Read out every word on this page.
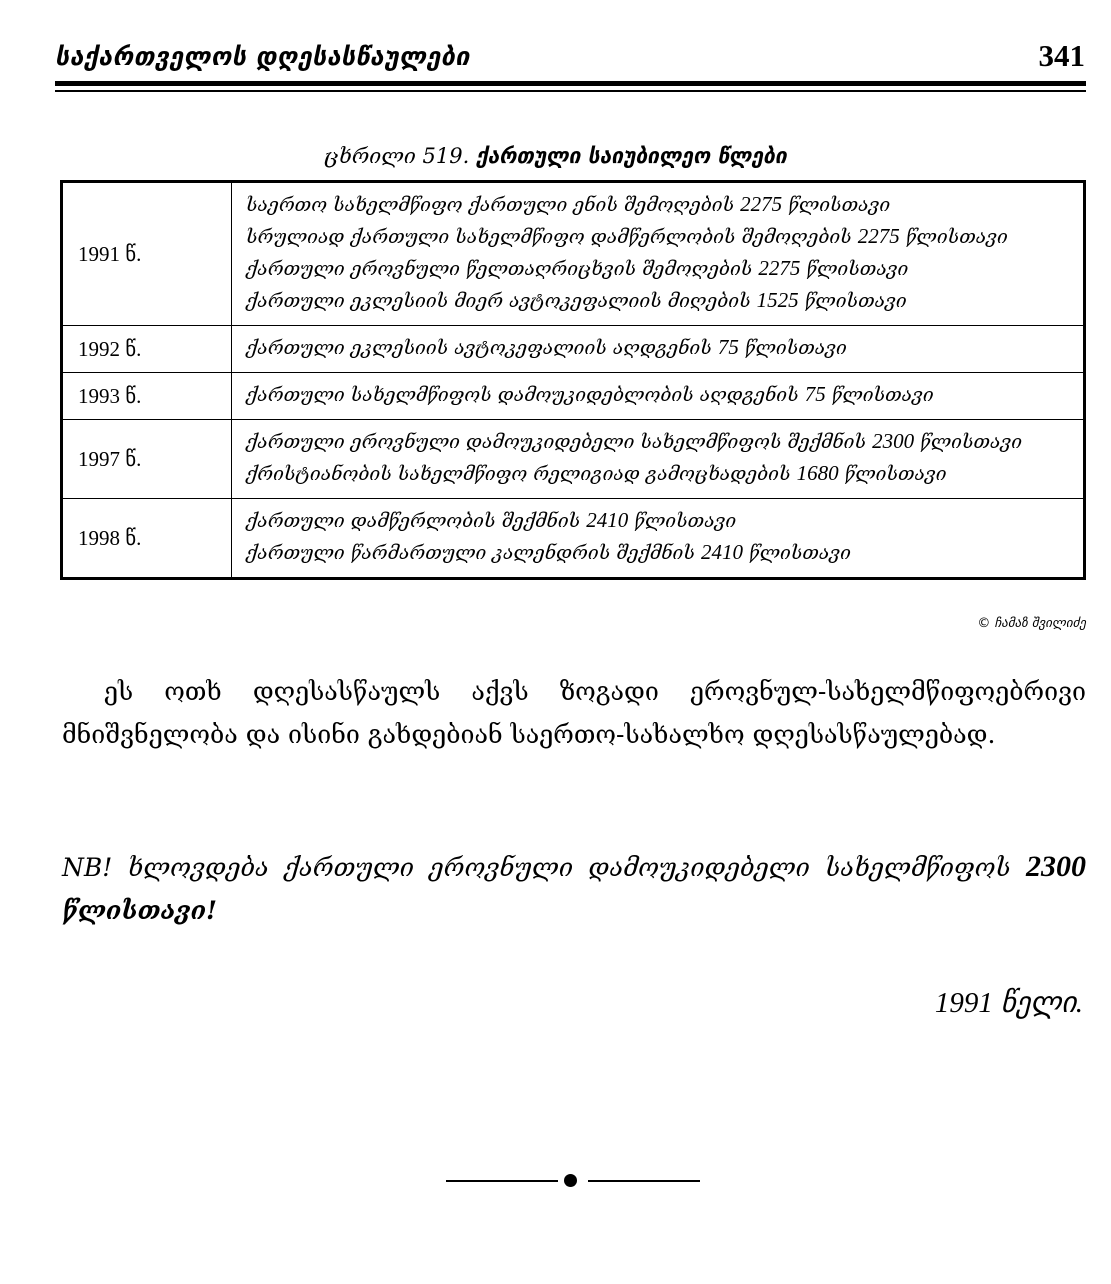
საქართველოს დღესასწაულები	341
ცხრილი 519. ქართული საიუბილეო წლები
1991 წ.	საერთო სახელმწიფო ქართული ენის შემოღების 2275 წლისთავი
სრულიად ქართული სახელმწიფო დამწერლობის შემოღების 2275 წლისთავი
ქართული ეროვნული წელთაღრიცხვის შემოღების 2275 წლისთავი
ქართული ეკლესიის მიერ ავტოკეფალიის მიღების 1525 წლისთავი

1992 წ.	ქართული ეკლესიის ავტოკეფალიის აღდგენის 75 წლისთავი

1993 წ.	ქართული სახელმწიფოს დამოუკიდებლობის აღდგენის 75 წლისთავი

1997 წ.	ქართული ეროვნული დამოუკიდებელი სახელმწიფოს შექმნის 2300 წლისთავი
ქრისტიანობის სახელმწიფო რელიგიად გამოცხადების 1680 წლისთავი

1998 წ.	ქართული დამწერლობის შექმნის 2410 წლისთავი
ქართული წარმართული კალენდრის შექმნის 2410 წლისთავი
© ჩამაზ შვილიძე
ეს ოთხ დღესასწაულს აქვს ზოგადი ეროვნულ-სახელმწიფოებრივი მნიშვნელობა და ისინი გახდებიან საერთო-სახალხო დღესასწაულებად.
NB! ხლოვდება ქართული ეროვნული დამოუკიდებელი სახელმწიფოს 2300 წლისთავი!
1991 წელი.
